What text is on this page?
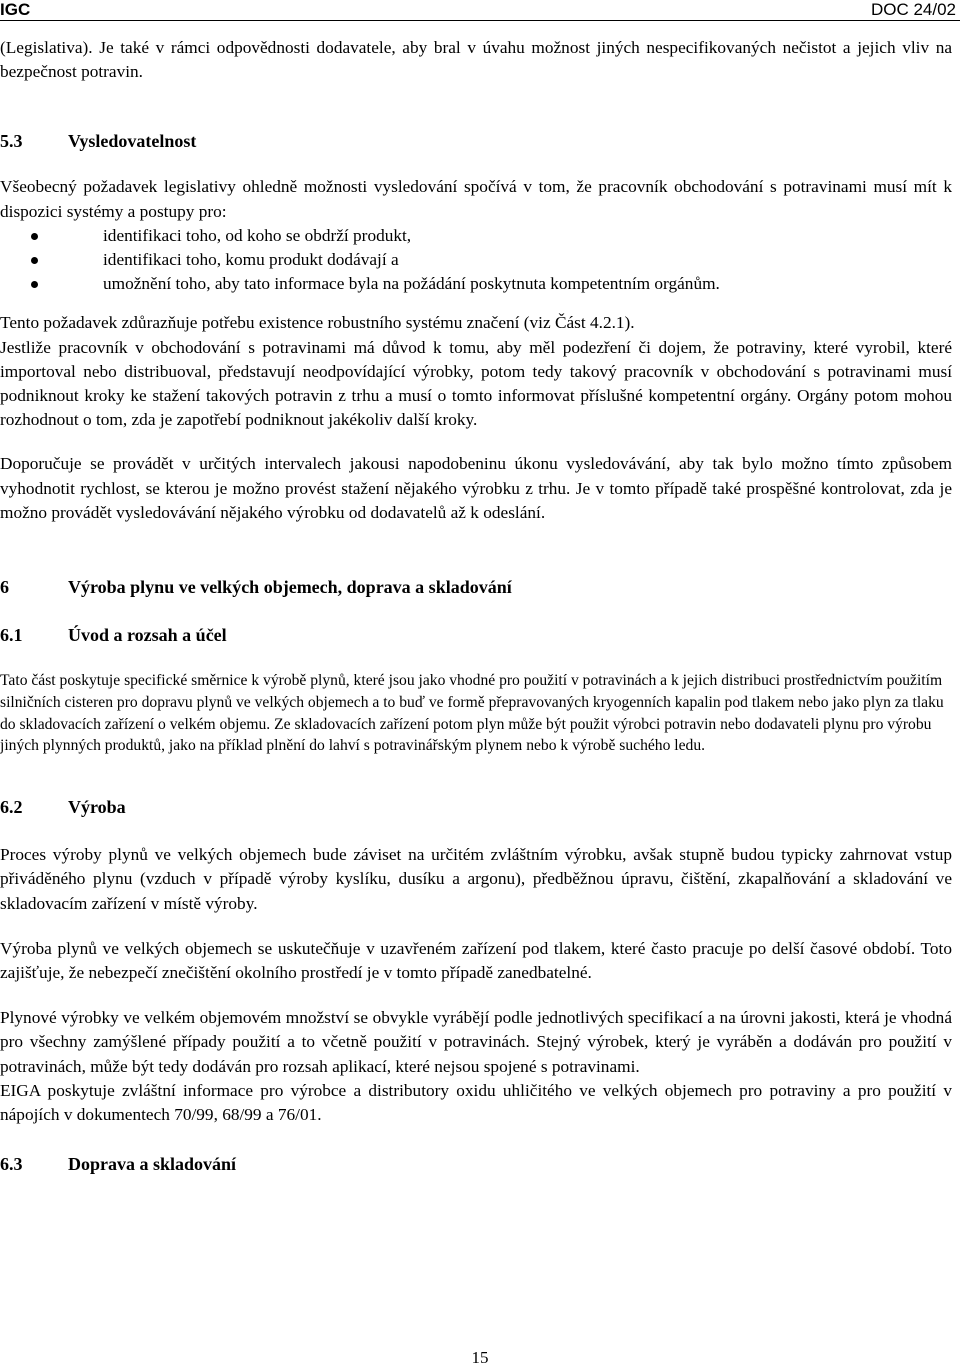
IGC	DOC 24/02

(Legislativa). Je také v rámci odpovědnosti dodavatele, aby bral v úvahu možnost jiných nespecifikovaných nečistot a jejich vliv na bezpečnost potravin.

5.3	Vysledovatelnost

Všeobecný požadavek legislativy ohledně možnosti vysledování spočívá v tom, že pracovník obchodování s potravinami musí mít k dispozici systémy a postupy pro:

identifikaci toho, od koho se obdrží produkt,
identifikaci toho, komu produkt dodávají a
umožnění toho, aby tato informace byla na požádání poskytnuta kompetentním orgánům.

Tento požadavek zdůrazňuje potřebu existence robustního systému značení (viz Část 4.2.1).

Jestliže pracovník v obchodování s potravinami má důvod k tomu, aby měl podezření či dojem, že potraviny, které vyrobil, které importoval nebo distribuoval, představují neodpovídající výrobky, potom tedy takový pracovník v obchodování s potravinami musí podniknout kroky ke stažení takových potravin z trhu a musí o tomto informovat příslušné kompetentní orgány. Orgány potom mohou rozhodnout o tom, zda je zapotřebí podniknout jakékoliv další kroky.

Doporučuje se provádět v určitých intervalech jakousi napodobeninu úkonu vysledovávání, aby tak bylo možno tímto způsobem vyhodnotit rychlost, se kterou je možno provést stažení nějakého výrobku z trhu. Je v tomto případě také prospěšné kontrolovat, zda je možno provádět vysledovávání nějakého výrobku od dodavatelů až k odeslání.

6	Výroba plynu ve velkých objemech, doprava a skladování
6.1	Úvod a rozsah a účel

Tato část poskytuje specifické směrnice k výrobě plynů, které jsou jako vhodné pro použití v potravinách a k jejich distribuci prostřednictvím použitím silničních cisteren pro dopravu plynů ve velkých objemech a to buď ve formě přepravovaných kryogenních kapalin pod tlakem nebo jako plyn za tlaku do skladovacích zařízení o velkém objemu. Ze skladovacích zařízení potom plyn může být použit výrobci potravin nebo dodavateli plynu pro výrobu jiných plynných produktů, jako na příklad plnění do lahví s potravinářským plynem nebo k výrobě suchého ledu.

6.2	Výroba

Proces výroby plynů ve velkých objemech bude záviset na určitém zvláštním výrobku, avšak stupně budou typicky zahrnovat vstup přiváděného plynu (vzduch v případě výroby kyslíku, dusíku a argonu), předběžnou úpravu, čištění, zkapalňování a skladování ve skladovacím zařízení v místě výroby.

Výroba plynů ve velkých objemech se uskutečňuje v uzavřeném zařízení pod tlakem, které často pracuje po delší časové období. Toto zajišťuje, že nebezpečí znečištění okolního prostředí je v tomto případě zanedbatelné.

Plynové výrobky ve velkém objemovém množství se obvykle vyrábějí podle jednotlivých specifikací a na úrovni jakosti, která je vhodná pro všechny zamýšlené případy použití a to včetně použití v potravinách. Stejný výrobek, který je vyráběn a dodáván pro použití v potravinách, může být tedy dodáván pro rozsah aplikací, které nejsou spojené s potravinami.

EIGA poskytuje zvláštní informace pro výrobce a distributory oxidu uhličitého ve velkých objemech pro potraviny a pro použití v nápojích v dokumentech 70/99, 68/99 a 76/01.

6.3	Doprava a skladování
15
